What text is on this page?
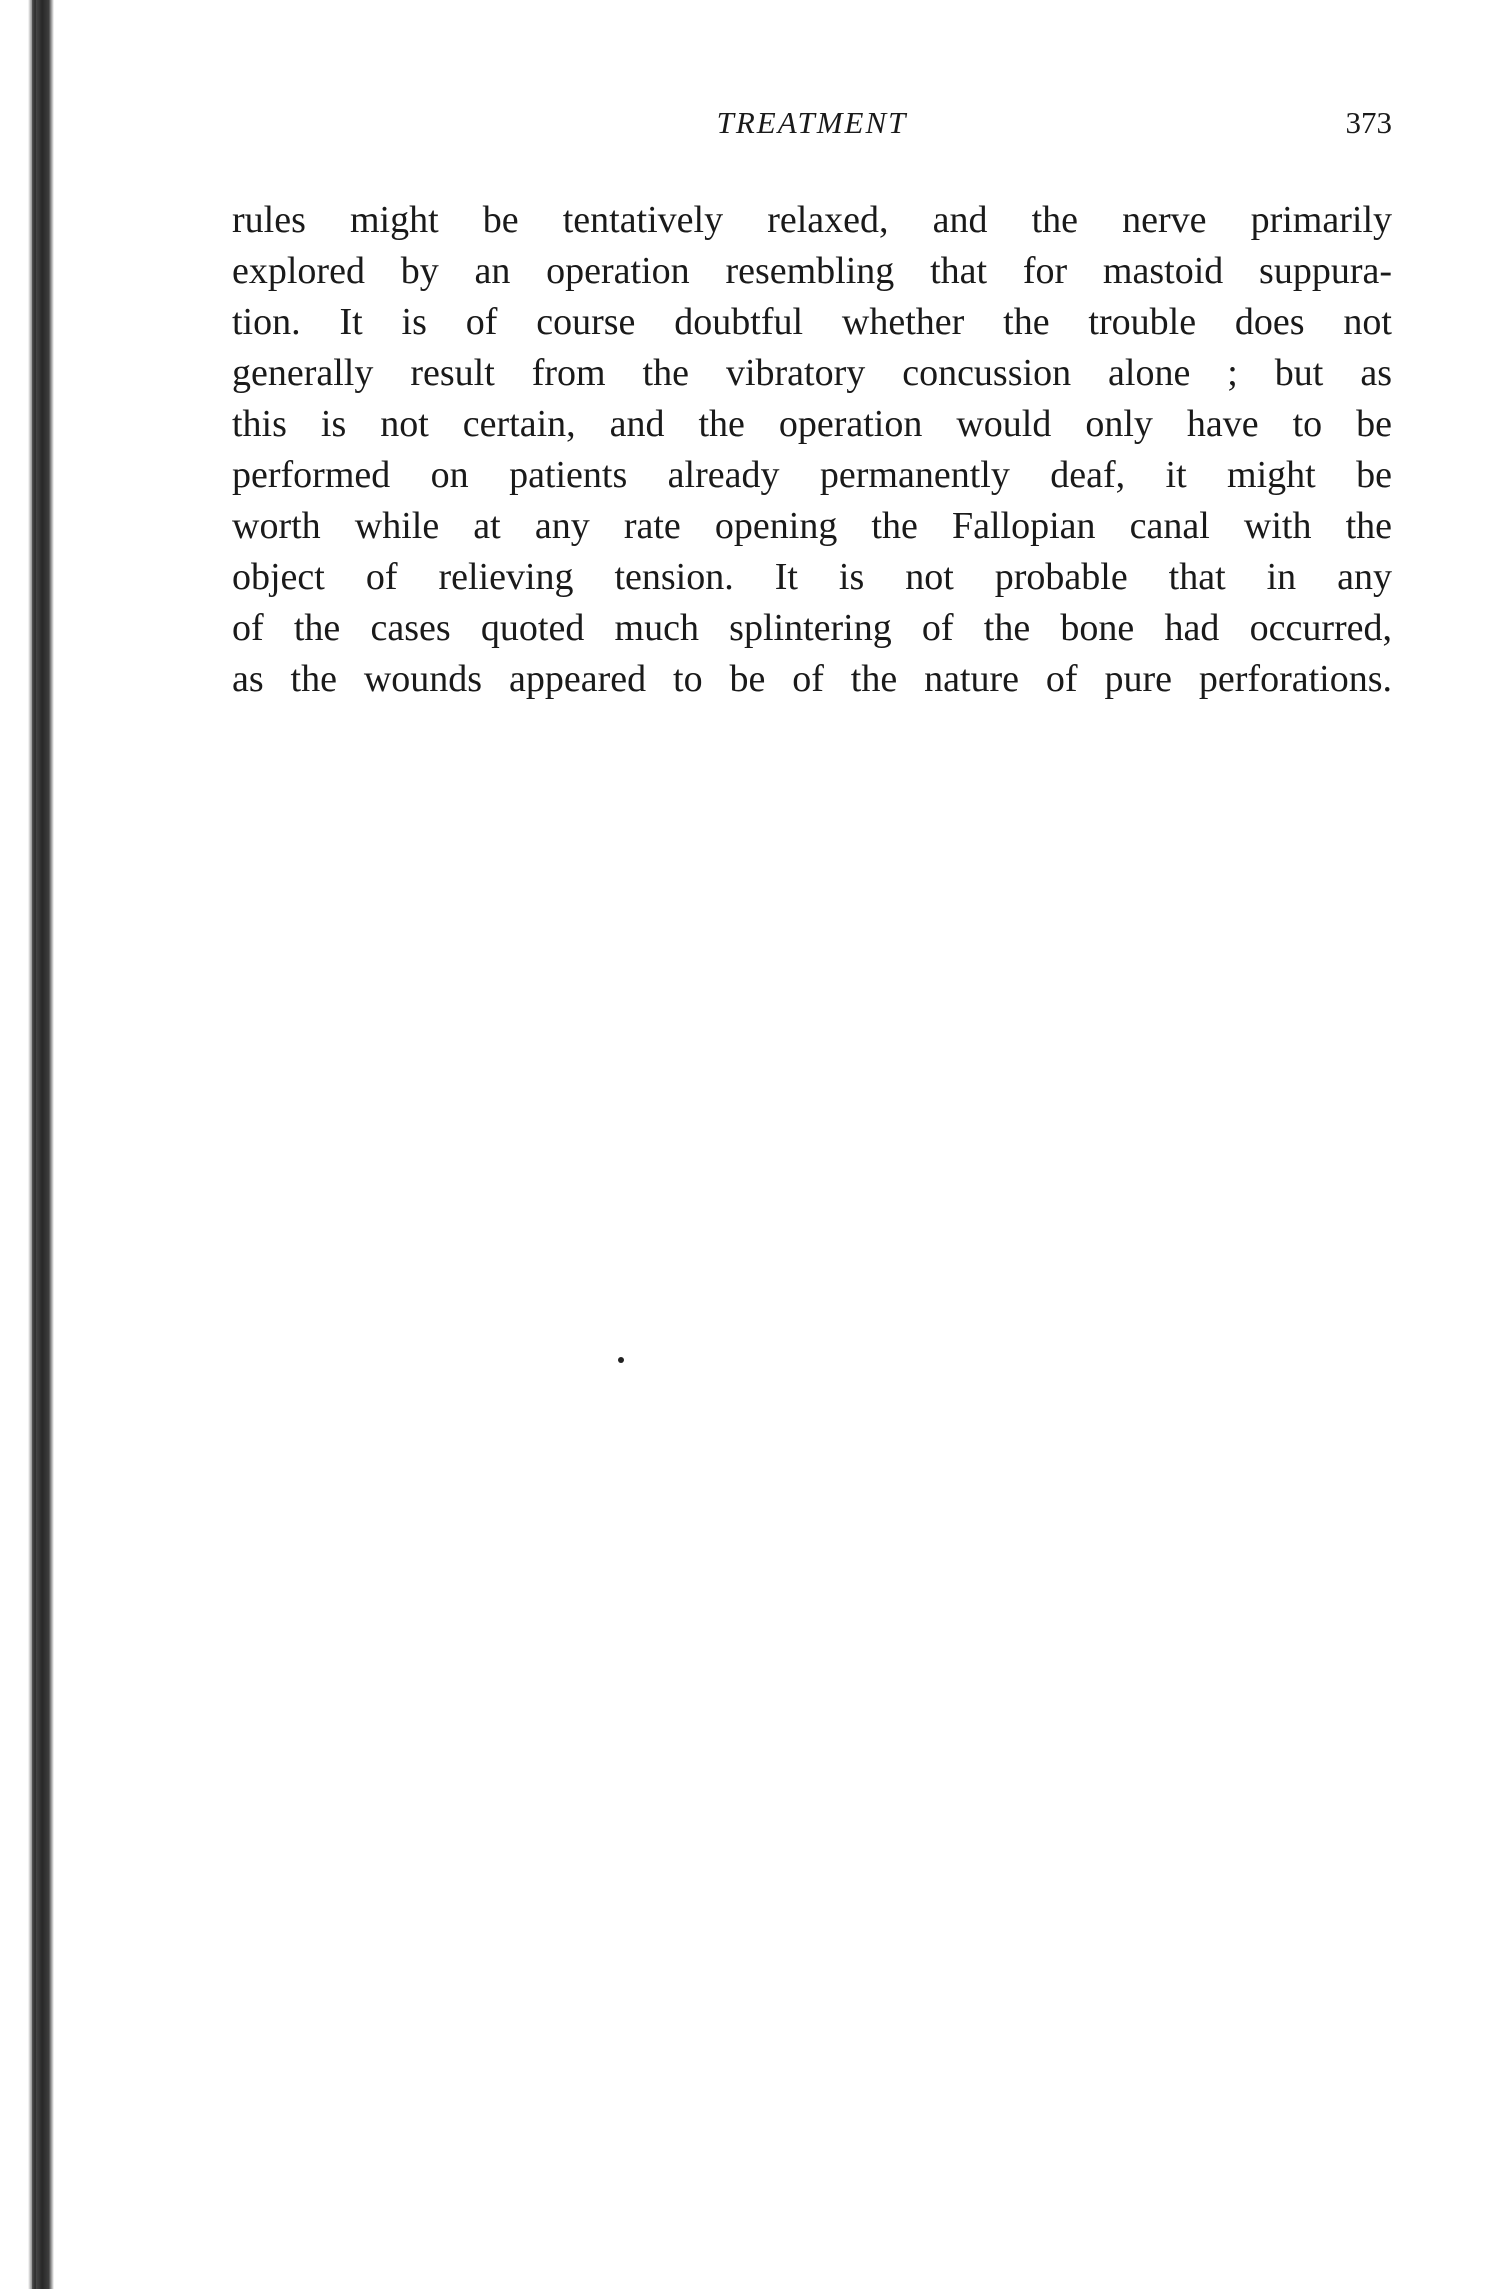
TREATMENT	373
rules might be tentatively relaxed, and the nerve primarily
explored by an operation resembling that for mastoid suppura-
tion. It is of course doubtful whether the trouble does not
generally result from the vibratory concussion alone ; but as
this is not certain, and the operation would only have to be
performed on patients already permanently deaf, it might be
worth while at any rate opening the Fallopian canal with the
object of relieving tension. It is not probable that in any
of the cases quoted much splintering of the bone had occurred,
as the wounds appeared to be of the nature of pure perforations.
